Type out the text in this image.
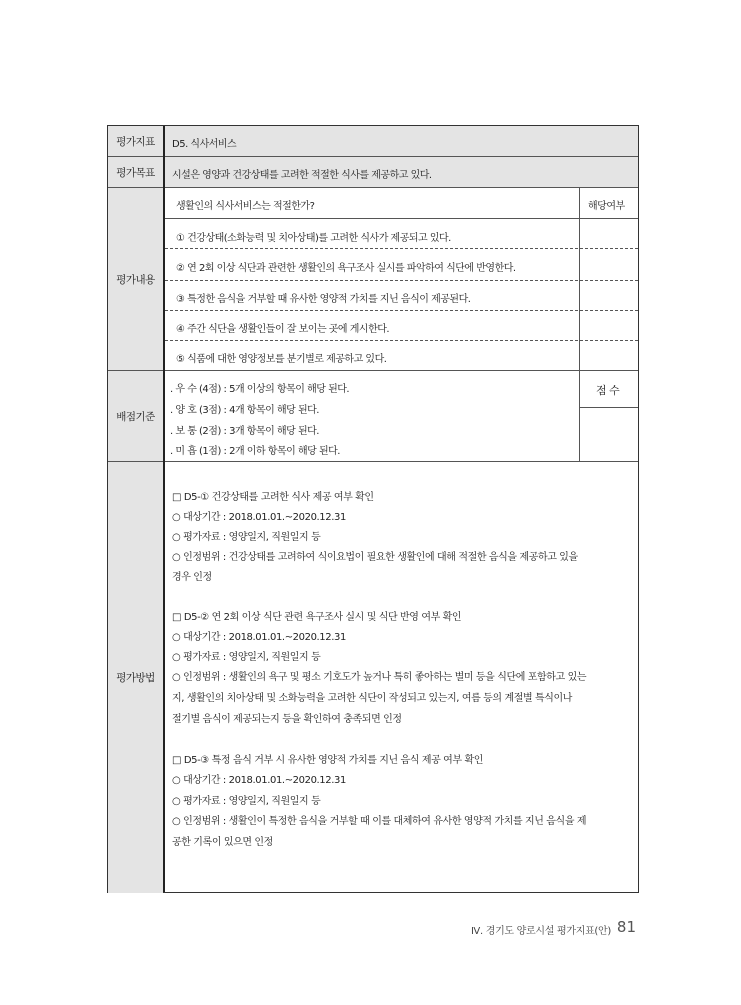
평가지표
평가목표
평가내용
배점기준
평가방법
D5. 식사서비스
시설은 영양과 건강상태를 고려한 적절한 식사를 제공하고 있다.
생활인의 식사서비스는 적절한가?	해당여부
① 건강상태(소화능력 및 치아상태)를 고려한 식사가 제공되고 있다.
② 연 2회 이상 식단과 관련한 생활인의 욕구조사 실시를 파악하여 식단에 반영한다.
③ 특정한 음식을 거부할 때 유사한 영양적 가치를 지닌 음식이 제공된다.
④ 주간 식단을 생활인들이 잘 보이는 곳에 게시한다.
⑤ 식품에 대한 영양정보를 분기별로 제공하고 있다.
. 우 수 (4점) : 5개 이상의 항목이 해당 된다.
. 양 호 (3점) : 4개 항목이 해당 된다.
. 보 통 (2점) : 3개 항목이 해당 된다.
. 미 흡 (1점) : 2개 이하 항목이 해당 된다.
점 수

□ D5-① 건강상태를 고려한 식사 제공 여부 확인

○ 대상기간 : 2018.01.01.~2020.12.31

○ 평가자료 : 영양일지, 직원일지 등

○ 인정범위 : 건강상태를 고려하여 식이요법이 필요한 생활인에 대해 적절한 음식을 제공하고 있을

경우 인정

□ D5-② 연 2회 이상 식단 관련 욕구조사 실시 및 식단 반영 여부 확인

○ 대상기간 : 2018.01.01.~2020.12.31

○ 평가자료 : 영양일지, 직원일지 등

○ 인정범위 : 생활인의 욕구 및 평소 기호도가 높거나 특히 좋아하는 별미 등을 식단에 포함하고 있는

지, 생활인의 치아상태 및 소화능력을 고려한 식단이 작성되고 있는지, 여름 등의 계절별 특식이나

절기별 음식이 제공되는지 등을 확인하여 충족되면 인정

□ D5-③ 특정 음식 거부 시 유사한 영양적 가치를 지닌 음식 제공 여부 확인

○ 대상기간 : 2018.01.01.~2020.12.31

○ 평가자료 : 영양일지, 직원일지 등

○ 인정범위 : 생활인이 특정한 음식을 거부할 때 이를 대체하여 유사한 영양적 가치를 지닌 음식을 제

공한 기록이 있으면 인정

Ⅳ. 경기도 양로시설 평가지표(안) 81
